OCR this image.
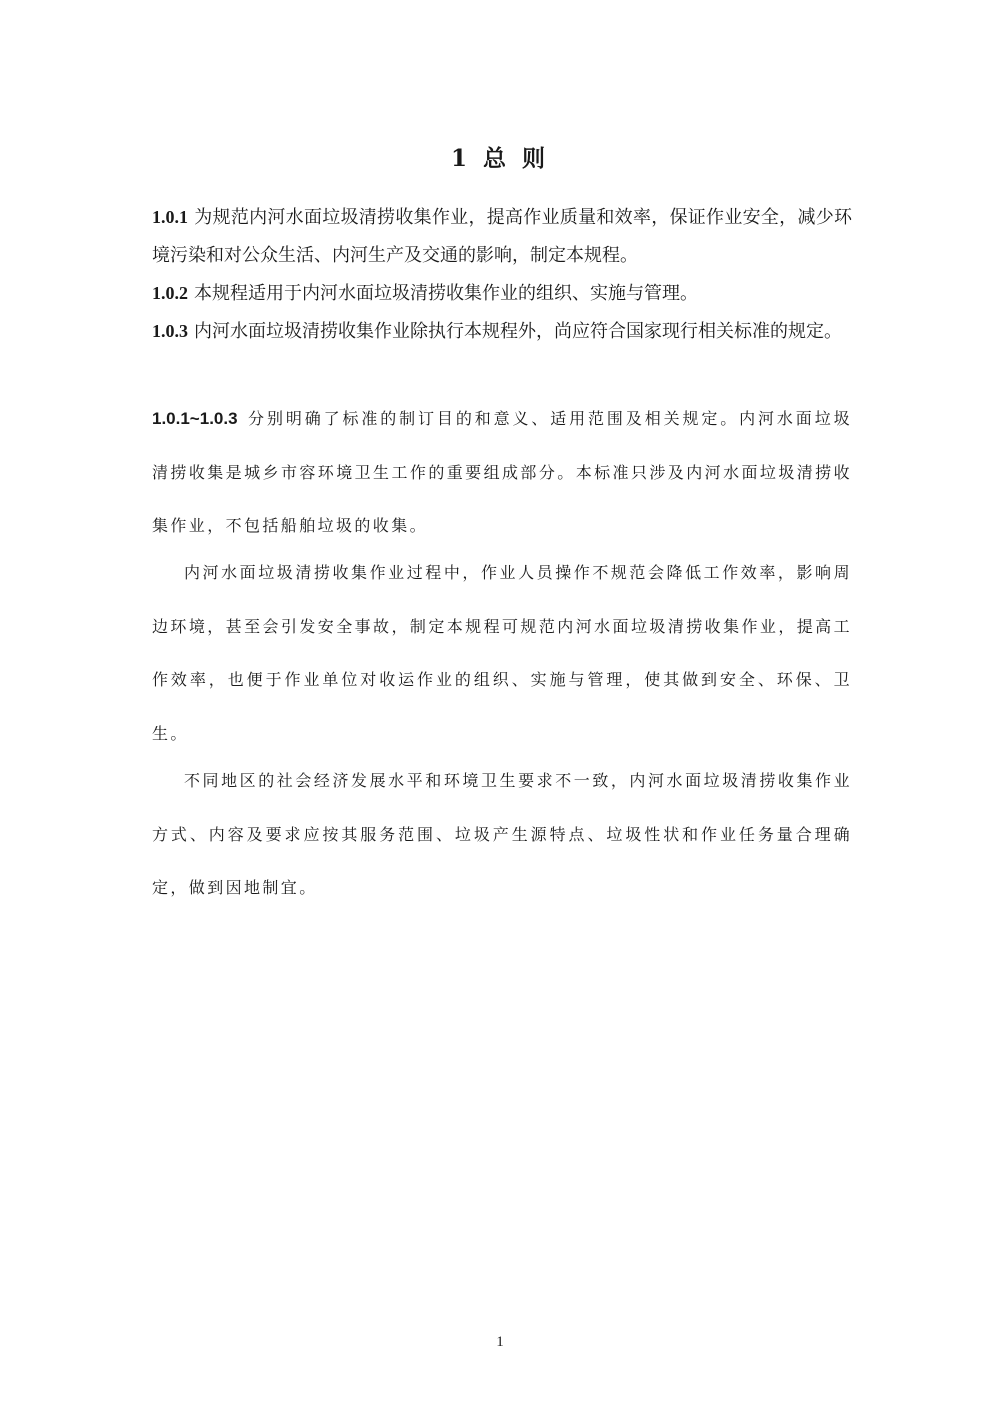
1 总 则
1.0.1 为规范内河水面垃圾清捞收集作业，提高作业质量和效率，保证作业安全，减少环境污染和对公众生活、内河生产及交通的影响，制定本规程。
1.0.2 本规程适用于内河水面垃圾清捞收集作业的组织、实施与管理。
1.0.3 内河水面垃圾清捞收集作业除执行本规程外，尚应符合国家现行相关标准的规定。
1.0.1~1.0.3 分别明确了标准的制订目的和意义、适用范围及相关规定。内河水面垃圾清捞收集是城乡市容环境卫生工作的重要组成部分。本标准只涉及内河水面垃圾清捞收集作业，不包括船舶垃圾的收集。
内河水面垃圾清捞收集作业过程中，作业人员操作不规范会降低工作效率，影响周边环境，甚至会引发安全事故，制定本规程可规范内河水面垃圾清捞收集作业，提高工作效率，也便于作业单位对收运作业的组织、实施与管理，使其做到安全、环保、卫生。
不同地区的社会经济发展水平和环境卫生要求不一致，内河水面垃圾清捞收集作业方式、内容及要求应按其服务范围、垃圾产生源特点、垃圾性状和作业任务量合理确定，做到因地制宜。
1
